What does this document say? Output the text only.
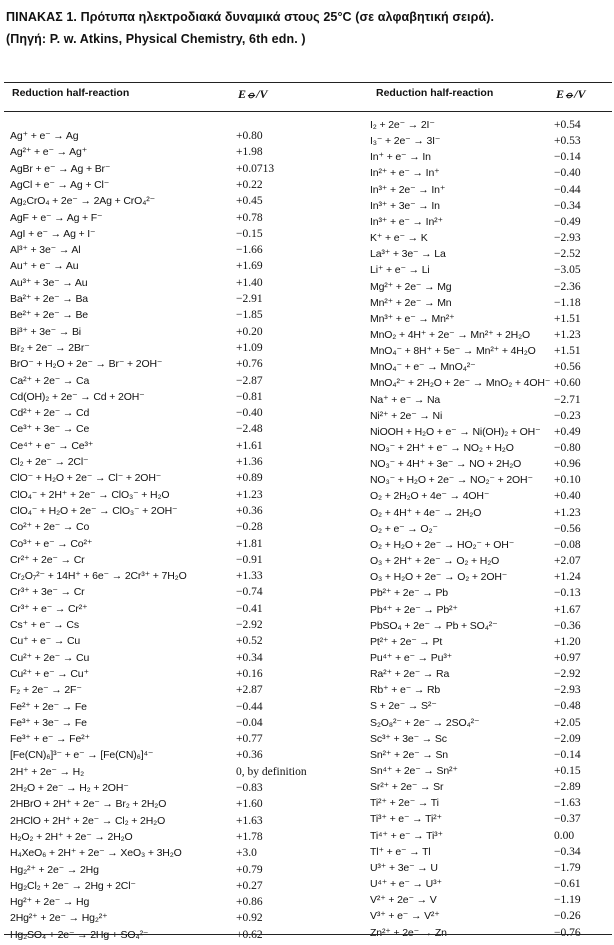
ΠΙΝΑΚΑΣ 1. Πρότυπα ηλεκτροδιακά δυναμικά στους 25°C (σε αλφαβητική σειρά).
(Πηγή: P. w. Atkins, Physical Chemistry, 6th edn. )
Reduction half-reaction	E⦵/V
Ag⁺ + e⁻ → Ag	+0.80
Ag²⁺ + e⁻ → Ag⁺	+1.98
AgBr + e⁻ → Ag + Br⁻	+0.0713
AgCl + e⁻ → Ag + Cl⁻	+0.22
Ag₂CrO₄ + 2e⁻ → 2Ag + CrO₄²⁻	+0.45
AgF + e⁻ → Ag + F⁻	+0.78
AgI + e⁻ → Ag + I⁻	−0.15
Al³⁺ + 3e⁻ → Al	−1.66
Au⁺ + e⁻ → Au	+1.69
Au³⁺ + 3e⁻ → Au	+1.40
Ba²⁺ + 2e⁻ → Ba	−2.91
Be²⁺ + 2e⁻ → Be	−1.85
Bi³⁺ + 3e⁻ → Bi	+0.20
Br₂ + 2e⁻ → 2Br⁻	+1.09
BrO⁻ + H₂O + 2e⁻ → Br⁻ + 2OH⁻	+0.76
Ca²⁺ + 2e⁻ → Ca	−2.87
Cd(OH)₂ + 2e⁻ → Cd + 2OH⁻	−0.81
Cd²⁺ + 2e⁻ → Cd	−0.40
Ce³⁺ + 3e⁻ → Ce	−2.48
Ce⁴⁺ + e⁻ → Ce³⁺	+1.61
Cl₂ + 2e⁻ → 2Cl⁻	+1.36
ClO⁻ + H₂O + 2e⁻ → Cl⁻ + 2OH⁻	+0.89
ClO₄⁻ + 2H⁺ + 2e⁻ → ClO₃⁻ + H₂O	+1.23
ClO₄⁻ + H₂O + 2e⁻ → ClO₃⁻ + 2OH⁻	+0.36
Co²⁺ + 2e⁻ → Co	−0.28
Co³⁺ + e⁻ → Co²⁺	+1.81
Cr²⁺ + 2e⁻ → Cr	−0.91
Cr₂O₇²⁻ + 14H⁺ + 6e⁻ → 2Cr³⁺ + 7H₂O	+1.33
Cr³⁺ + 3e⁻ → Cr	−0.74
Cr³⁺ + e⁻ → Cr²⁺	−0.41
Cs⁺ + e⁻ → Cs	−2.92
Cu⁺ + e⁻ → Cu	+0.52
Cu²⁺ + 2e⁻ → Cu	+0.34
Cu²⁺ + e⁻ → Cu⁺	+0.16
F₂ + 2e⁻ → 2F⁻	+2.87
Fe²⁺ + 2e⁻ → Fe	−0.44
Fe³⁺ + 3e⁻ → Fe	−0.04
Fe³⁺ + e⁻ → Fe²⁺	+0.77
[Fe(CN)₆]³⁻ + e⁻ → [Fe(CN)₆]⁴⁻	+0.36
2H⁺ + 2e⁻ → H₂	0, by definition
2H₂O + 2e⁻ → H₂ + 2OH⁻	−0.83
2HBrO + 2H⁺ + 2e⁻ → Br₂ + 2H₂O	+1.60
2HClO + 2H⁺ + 2e⁻ → Cl₂ + 2H₂O	+1.63
H₂O₂ + 2H⁺ + 2e⁻ → 2H₂O	+1.78
H₄XeO₆ + 2H⁺ + 2e⁻ → XeO₃ + 3H₂O	+3.0
Hg₂²⁺ + 2e⁻ → 2Hg	+0.79
Hg₂Cl₂ + 2e⁻ → 2Hg + 2Cl⁻	+0.27
Hg²⁺ + 2e⁻ → Hg	+0.86
2Hg²⁺ + 2e⁻ → Hg₂²⁺	+0.92
Hg₂SO₄ + 2e⁻ → 2Hg + SO₄²⁻	+0.62
Reduction half-reaction	E⦵/V
I₂ + 2e⁻ → 2I⁻	+0.54
I₃⁻ + 2e⁻ → 3I⁻	+0.53
In⁺ + e⁻ → In	−0.14
In²⁺ + e⁻ → In⁺	−0.40
In³⁺ + 2e⁻ → In⁺	−0.44
In³⁺ + 3e⁻ → In	−0.34
In³⁺ + e⁻ → In²⁺	−0.49
K⁺ + e⁻ → K	−2.93
La³⁺ + 3e⁻ → La	−2.52
Li⁺ + e⁻ → Li	−3.05
Mg²⁺ + 2e⁻ → Mg	−2.36
Mn²⁺ + 2e⁻ → Mn	−1.18
Mn³⁺ + e⁻ → Mn²⁺	+1.51
MnO₂ + 4H⁺ + 2e⁻ → Mn²⁺ + 2H₂O +1.23
MnO₄⁻ + 8H⁺ + 5e⁻ → Mn²⁺ + 4H₂O +1.51
MnO₄⁻ + e⁻ → MnO₄²⁻	+0.56
MnO₄²⁻ + 2H₂O + 2e⁻ → MnO₂ + 4OH⁻ +0.60
Na⁺ + e⁻ → Na	−2.71
Ni²⁺ + 2e⁻ → Ni	−0.23
NiOOH + H₂O + e⁻ → Ni(OH)₂ + OH⁻ +0.49
NO₃⁻ + 2H⁺ + e⁻ → NO₂ + H₂O	−0.80
NO₃⁻ + 4H⁺ + 3e⁻ → NO + 2H₂O	+0.96
NO₃⁻ + H₂O + 2e⁻ → NO₂⁻ + 2OH⁻ +0.10
O₂ + 2H₂O + 4e⁻ → 4OH⁻	+0.40
O₂ + 4H⁺ + 4e⁻ → 2H₂O	+1.23
O₂ + e⁻ → O₂⁻	−0.56
O₂ + H₂O + 2e⁻ → HO₂⁻ + OH⁻	−0.08
O₃ + 2H⁺ + 2e⁻ → O₂ + H₂O	+2.07
O₃ + H₂O + 2e⁻ → O₂ + 2OH⁻	+1.24
Pb²⁺ + 2e⁻ → Pb	−0.13
Pb⁴⁺ + 2e⁻ → Pb²⁺	+1.67
PbSO₄ + 2e⁻ → Pb + SO₄²⁻	−0.36
Pt²⁺ + 2e⁻ → Pt	+1.20
Pu⁴⁺ + e⁻ → Pu³⁺	+0.97
Ra²⁺ + 2e⁻ → Ra	−2.92
Rb⁺ + e⁻ → Rb	−2.93
S + 2e⁻ → S²⁻	−0.48
S₂O₈²⁻ + 2e⁻ → 2SO₄²⁻	+2.05
Sc³⁺ + 3e⁻ → Sc	−2.09
Sn²⁺ + 2e⁻ → Sn	−0.14
Sn⁴⁺ + 2e⁻ → Sn²⁺	+0.15
Sr²⁺ + 2e⁻ → Sr	−2.89
Ti²⁺ + 2e⁻ → Ti	−1.63
Ti³⁺ + e⁻ → Ti²⁺	−0.37
Ti⁴⁺ + e⁻ → Ti³⁺	0.00
Tl⁺ + e⁻ → Tl	−0.34
U³⁺ + 3e⁻ → U	−1.79
U⁴⁺ + e⁻ → U³⁺	−0.61
V²⁺ + 2e⁻ → V	−1.19
V³⁺ + e⁻ → V²⁺	−0.26
Zn²⁺ + 2e⁻ → Zn	−0.76
